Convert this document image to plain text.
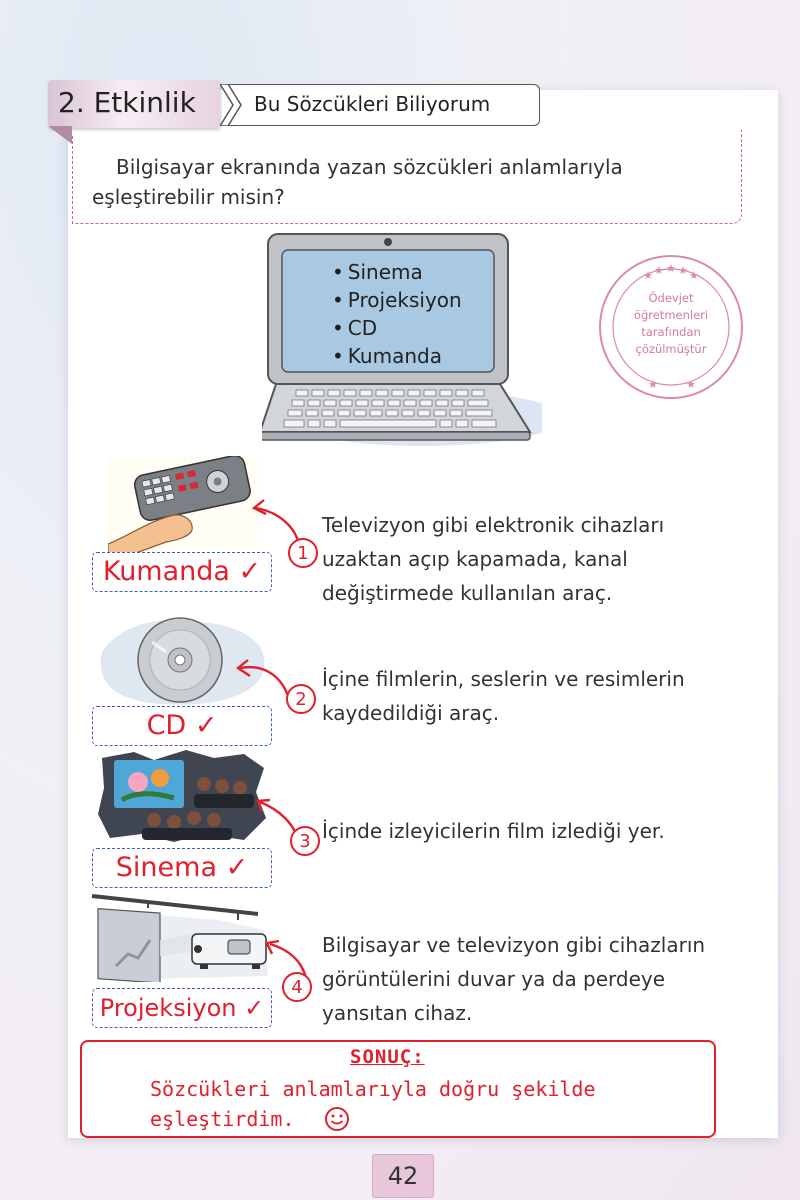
2. Etkinlik	Bu Sözcükleri Biliyorum
Bilgisayar ekranında yazan sözcükleri anlamlarıyla eşleştirebilir misin?
• Sinema
• Projeksiyon
• CD
• Kumanda
★ ★ ★ ★ ★
★	★
Ödevjet
öğretmenleri
tarafından
çözülmüştür
1
Kumanda ✓
Televizyon gibi elektronik cihazları uzaktan açıp kapamada, kanal değiştirmede kullanılan araç.
2
CD ✓
İçine filmlerin, seslerin ve resimlerin kaydedildiği araç.
3
Sinema ✓
İçinde izleyicilerin film izlediği yer.
4
Projeksiyon ✓
Bilgisayar ve televizyon gibi cihazların görüntülerini duvar ya da perdeye yansıtan cihaz.
SONUÇ:
Sözcükleri anlamlarıyla doğru şekilde eşleştirdim.
42
